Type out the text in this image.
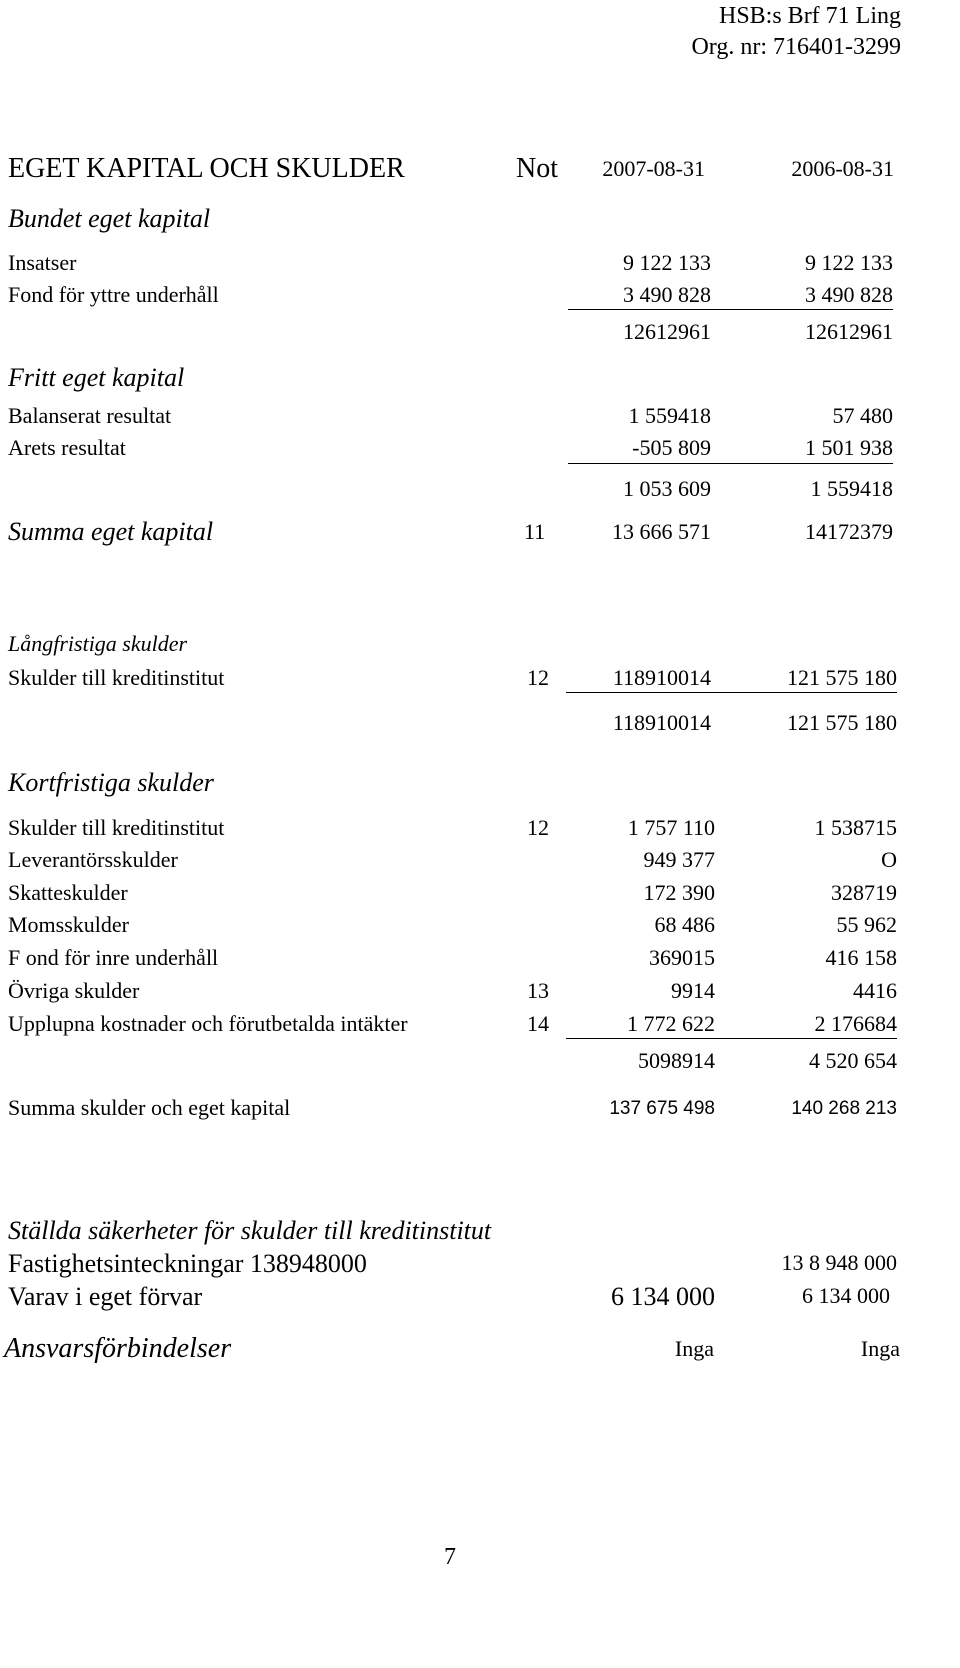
HSB:s Brf 71 Ling
Org. nr: 716401-3299
EGET KAPITAL OCH SKULDER	Not 2007-08-31	2006-08-31
Bundet eget kapital
Insatser	9 122 133	9 122 133
Fond för yttre underhåll	3 490 828	3 490 828
12612961	12612961
Fritt eget kapital
Balanserat resultat	1 559418	57 480
Arets resultat	-505 809	1 501 938
1 053 609	1 559418
Summa eget kapital	11	13 666 571	14172379
Långfristiga skulder
Skulder till kreditinstitut	12	118910014	121 575 180
118910014	121 575 180
Kortfristiga skulder
Skulder till kreditinstitut	12	1 757 110	1 538715
Leverantörsskulder	949 377	O
Skatteskulder	172 390	328719
Momsskulder	68 486	55 962
F ond för inre underhåll	369015	416 158
Övriga skulder	13	9914	4416
Upplupna kostnader och förutbetalda intäkter	14	1 772 622	2 176684
5098914	4 520 654
Summa skulder och eget kapital	137 675 498	140 268 213
Ställda säkerheter för skulder till kreditinstitut
Fastighetsinteckningar 138948000	13 8 948 000
Varav i eget förvar	6 134 000	6 134 000
Ansvarsförbindelser	Inga	Inga
7
